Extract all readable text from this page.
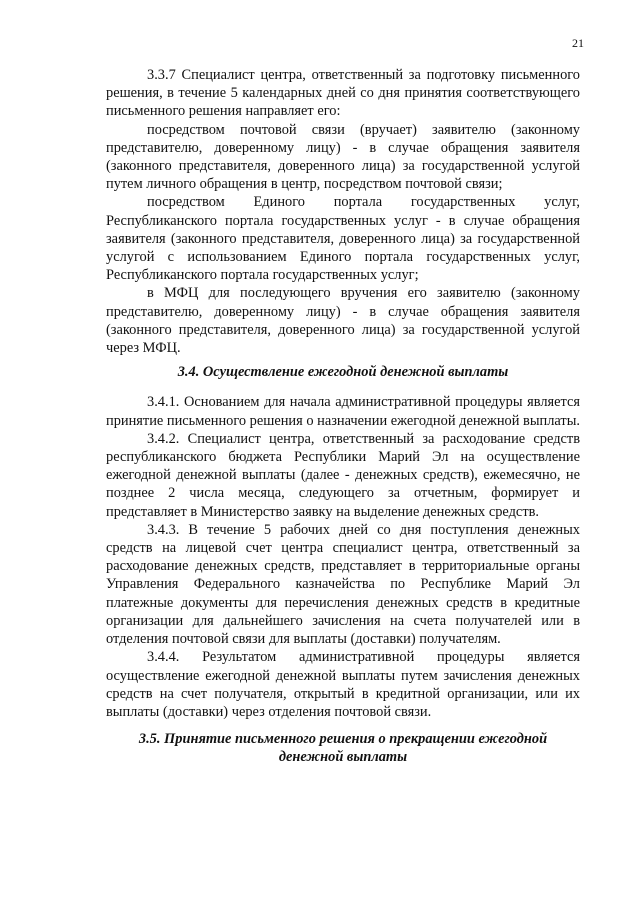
21

3.3.7 Специалист центра, ответственный за подготовку письменного решения, в течение 5 календарных дней со дня принятия соответствующего письменного решения направляет его:

посредством почтовой связи (вручает) заявителю (законному представителю, доверенному лицу) - в случае обращения заявителя (законного представителя, доверенного лица) за государственной услугой путем личного обращения в центр, посредством почтовой связи;

посредством Единого портала государственных услуг, Республиканского портала государственных услуг - в случае обращения заявителя (законного представителя, доверенного лица) за государственной услугой с использованием Единого портала государственных услуг, Республиканского портала государственных услуг;

в МФЦ для последующего вручения его заявителю (законному представителю, доверенному лицу) - в случае обращения заявителя (законного представителя, доверенного лица) за государственной услугой через МФЦ.

3.4. Осуществление ежегодной денежной выплаты

3.4.1. Основанием для начала административной процедуры является принятие письменного решения о назначении ежегодной денежной выплаты.

3.4.2. Специалист центра, ответственный за расходование средств республиканского бюджета Республики Марий Эл на осуществление ежегодной денежной выплаты (далее - денежных средств), ежемесячно, не позднее 2 числа месяца, следующего за отчетным, формирует и представляет в Министерство заявку на выделение денежных средств.

3.4.3. В течение 5 рабочих дней со дня поступления денежных средств на лицевой счет центра специалист центра, ответственный за расходование денежных средств, представляет в территориальные органы Управления Федерального казначейства по Республике Марий Эл платежные документы для перечисления денежных средств в кредитные организации для дальнейшего зачисления на счета получателей или в отделения почтовой связи для выплаты (доставки) получателям.

3.4.4. Результатом административной процедуры является осуществление ежегодной денежной выплаты путем зачисления денежных средств на счет получателя, открытый в кредитной организации, или их выплаты (доставки) через отделения почтовой связи.

3.5. Принятие письменного решения о прекращении ежегодной денежной выплаты
